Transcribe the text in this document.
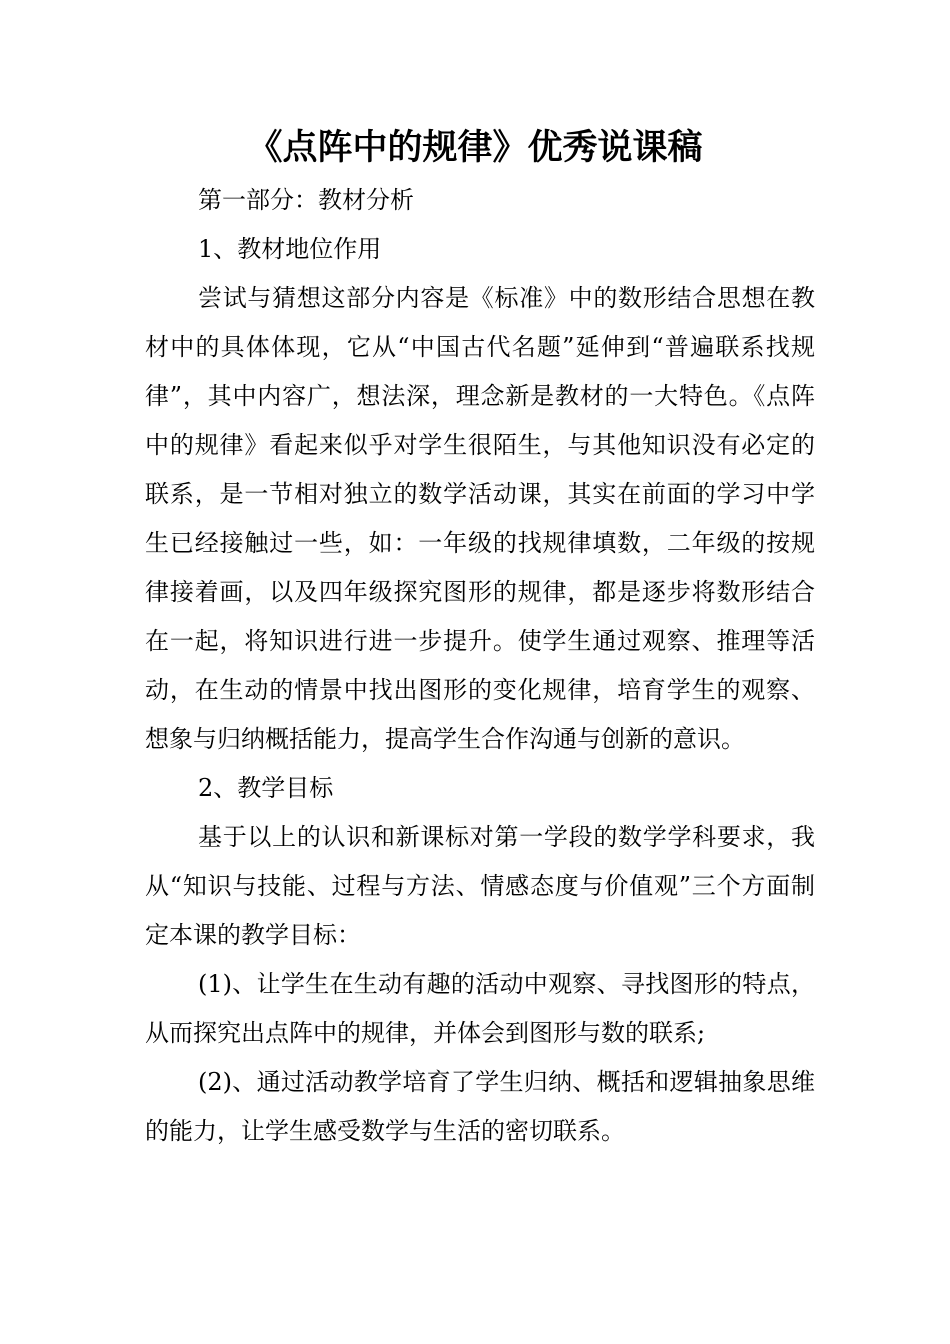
《点阵中的规律》优秀说课稿

第一部分：教材分析

1、教材地位作用

尝试与猜想这部分内容是《标准》中的数形结合思想在教材中的具体体现，它从“中国古代名题”延伸到“普遍联系找规律”，其中内容广，想法深，理念新是教材的一大特色。《点阵中的规律》看起来似乎对学生很陌生，与其他知识没有必定的联系，是一节相对独立的数学活动课，其实在前面的学习中学生已经接触过一些，如：一年级的找规律填数，二年级的按规律接着画，以及四年级探究图形的规律，都是逐步将数形结合在一起，将知识进行进一步提升。使学生通过观察、推理等活动，在生动的情景中找出图形的变化规律，培育学生的观察、想象与归纳概括能力，提高学生合作沟通与创新的意识。

2、教学目标

基于以上的认识和新课标对第一学段的数学学科要求，我从“知识与技能、过程与方法、情感态度与价值观”三个方面制定本课的教学目标：

(1)、让学生在生动有趣的活动中观察、寻找图形的特点，从而探究出点阵中的规律，并体会到图形与数的联系;

(2)、通过活动教学培育了学生归纳、概括和逻辑抽象思维的能力，让学生感受数学与生活的密切联系。
